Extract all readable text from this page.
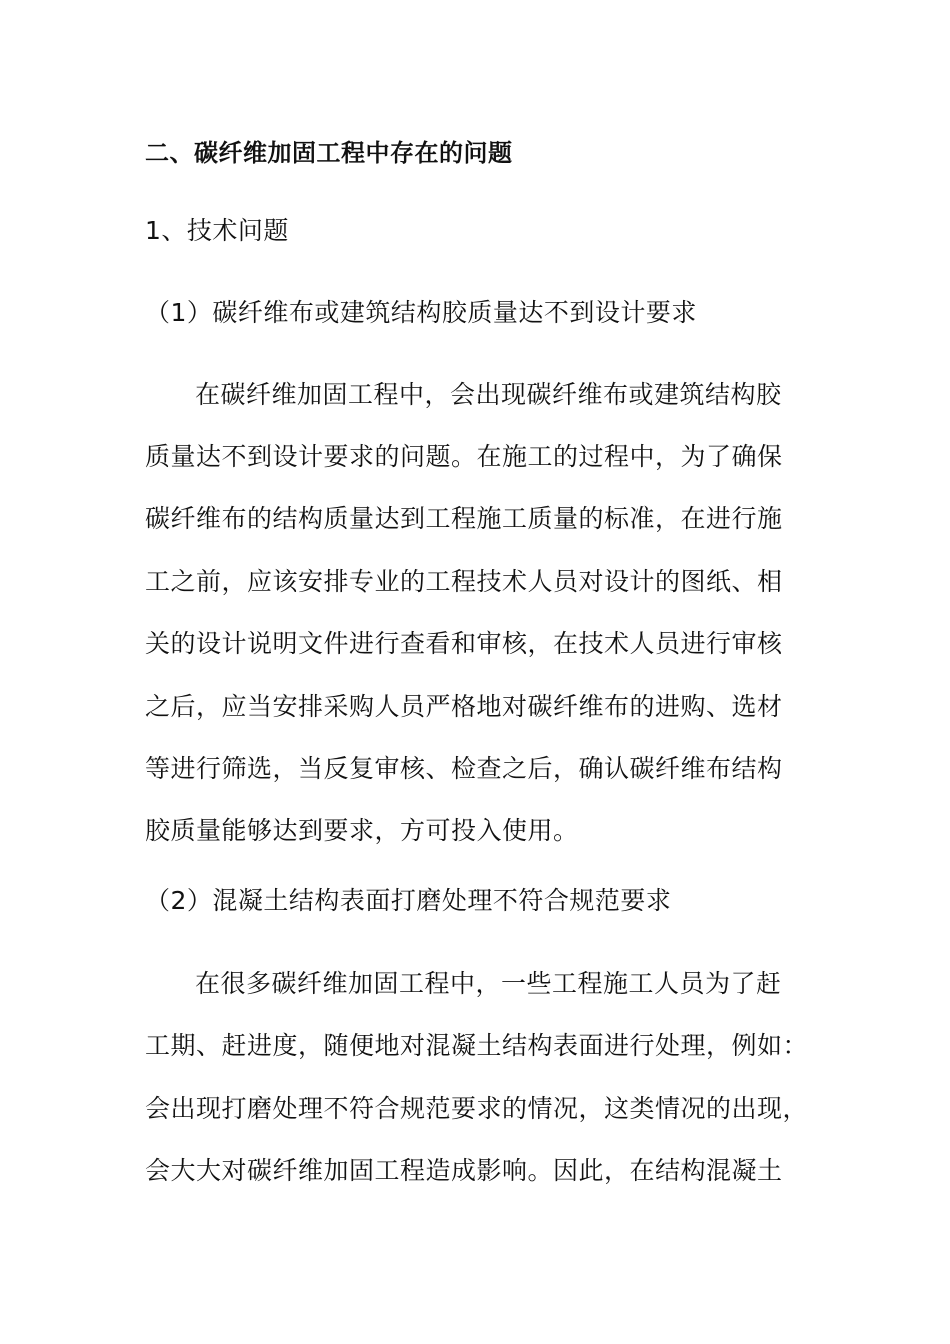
二、碳纤维加固工程中存在的问题
1、技术问题
（1）碳纤维布或建筑结构胶质量达不到设计要求
在碳纤维加固工程中，会出现碳纤维布或建筑结构胶
质量达不到设计要求的问题。在施工的过程中，为了确保
碳纤维布的结构质量达到工程施工质量的标准，在进行施
工之前，应该安排专业的工程技术人员对设计的图纸、相
关的设计说明文件进行查看和审核，在技术人员进行审核
之后，应当安排采购人员严格地对碳纤维布的进购、选材
等进行筛选，当反复审核、检查之后，确认碳纤维布结构
胶质量能够达到要求，方可投入使用。
（2）混凝土结构表面打磨处理不符合规范要求
在很多碳纤维加固工程中，一些工程施工人员为了赶
工期、赶进度，随便地对混凝土结构表面进行处理，例如：
会出现打磨处理不符合规范要求的情况，这类情况的出现，
会大大对碳纤维加固工程造成影响。因此，在结构混凝土
